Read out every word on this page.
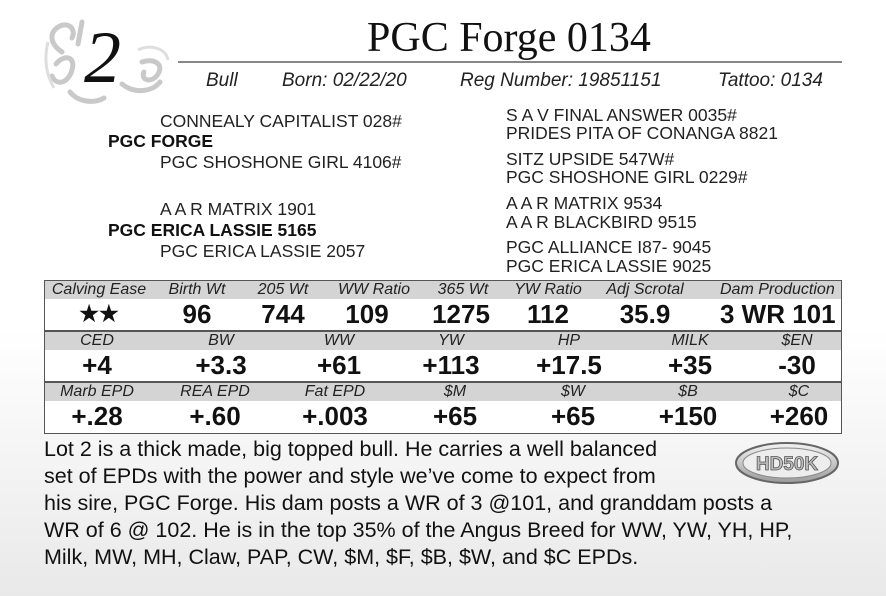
2	PGC Forge 0134
Bull Born: 02/22/20	Reg Number: 19851151	Tattoo: 0134
CONNEALY CAPITALIST 028#
PGC FORGE
PGC SHOSHONE GIRL 4106#
A A R MATRIX 1901
PGC ERICA LASSIE 5165
PGC ERICA LASSIE 2057
S A V FINAL ANSWER 0035#
PRIDES PITA OF CONANGA 8821
SITZ UPSIDE 547W#
PGC SHOSHONE GIRL 0229#
A A R MATRIX 9534
A A R BLACKBIRD 9515
PGC ALLIANCE I87- 9045
PGC ERICA LASSIE 9025
Calving Ease	Birth Wt	205 Wt	WW Ratio	365 Wt	YW Ratio	Adj Scrotal	Dam Production
★★	96	744	109	1275	112	35.9	3 WR 101
CED	BW	WW	YW	HP	MILK	$EN
+4	+3.3	+61	+113	+17.5	+35	-30
Marb EPD	REA EPD	Fat EPD	$M	$W	$B	$C
+.28	+.60	+.003	+65	+65	+150	+260
Lot 2 is a thick made, big topped bull. He carries a well balanced
set of EPDs with the power and style we’ve come to expect from
his sire, PGC Forge. His dam posts a WR of 3 @101, and granddam posts a
WR of 6 @ 102. He is in the top 35% of the Angus Breed for WW, YW, YH, HP,
Milk, MW, MH, Claw, PAP, CW, $M, $F, $B, $W, and $C EPDs.
HD50K
